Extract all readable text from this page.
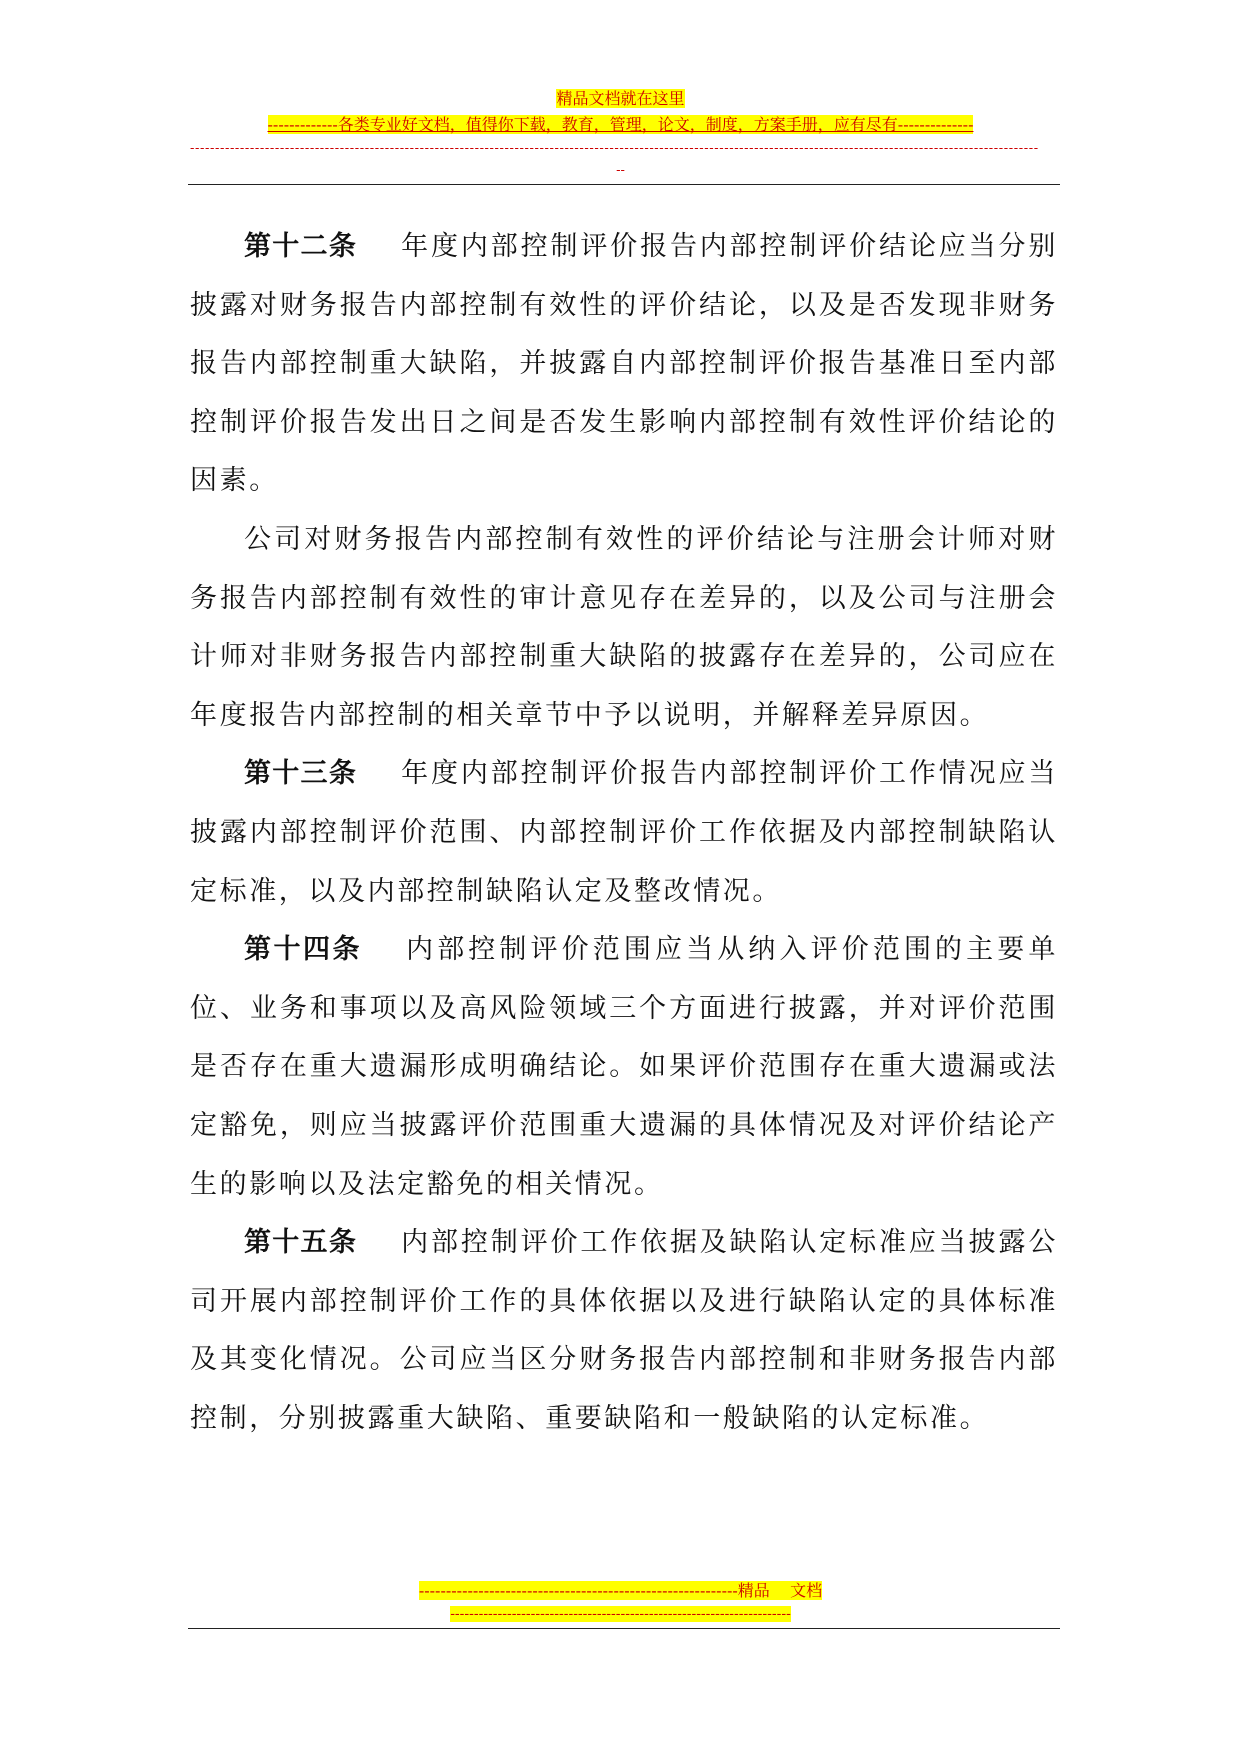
精品文档就在这里
-------------各类专业好文档，值得你下载，教育，管理，论文，制度，方案手册，应有尽有--------------
--------------------------------------------------------------------------------------------------------------------------------------------------------------------------
--

第十二条 年度内部控制评价报告内部控制评价结论应当分别披露对财务报告内部控制有效性的评价结论，以及是否发现非财务报告内部控制重大缺陷，并披露自内部控制评价报告基准日至内部控制评价报告发出日之间是否发生影响内部控制有效性评价结论的因素。

公司对财务报告内部控制有效性的评价结论与注册会计师对财务报告内部控制有效性的审计意见存在差异的，以及公司与注册会计师对非财务报告内部控制重大缺陷的披露存在差异的，公司应在年度报告内部控制的相关章节中予以说明，并解释差异原因。

第十三条 年度内部控制评价报告内部控制评价工作情况应当披露内部控制评价范围、内部控制评价工作依据及内部控制缺陷认定标准，以及内部控制缺陷认定及整改情况。

第十四条 内部控制评价范围应当从纳入评价范围的主要单位、业务和事项以及高风险领域三个方面进行披露，并对评价范围是否存在重大遗漏形成明确结论。如果评价范围存在重大遗漏或法定豁免，则应当披露评价范围重大遗漏的具体情况及对评价结论产生的影响以及法定豁免的相关情况。

第十五条 内部控制评价工作依据及缺陷认定标准应当披露公司开展内部控制评价工作的具体依据以及进行缺陷认定的具体标准及其变化情况。公司应当区分财务报告内部控制和非财务报告内部控制，分别披露重大缺陷、重要缺陷和一般缺陷的认定标准。

-----------------------------------------------------------精品    文档
------------------------------------------------------------------------
